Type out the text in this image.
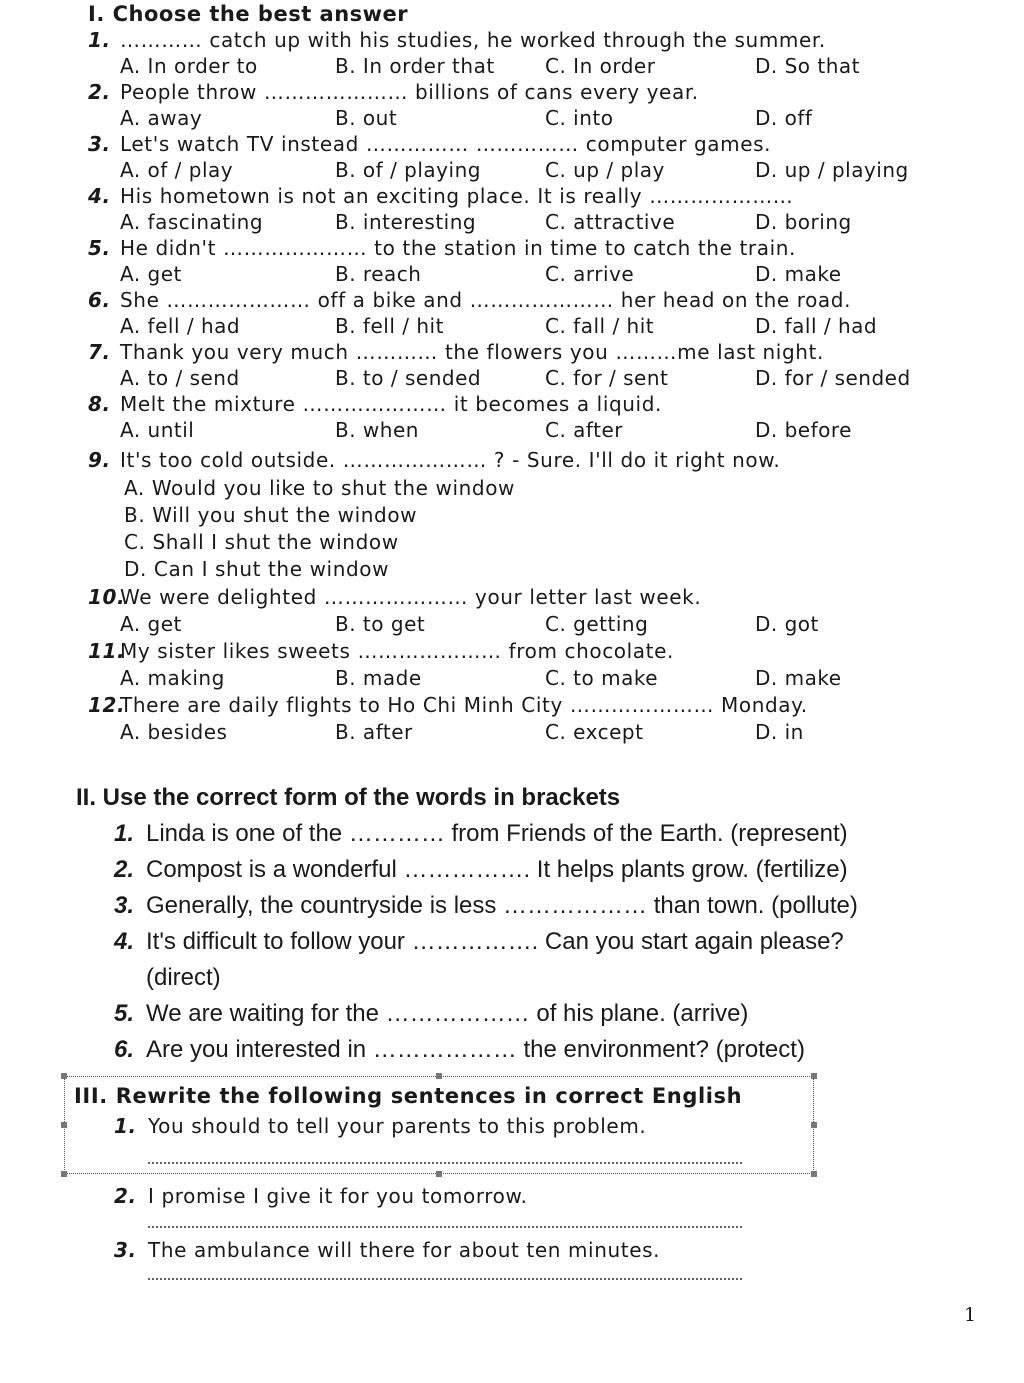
I. Choose the best answer
1. ………… catch up with his studies, he worked through the summer.
A. In order to	B. In order that	C. In order	D. So that
2. People throw ………………… billions of cans every year.
A. away	B. out	C. into	D. off
3. Let's watch TV instead …………… …………… computer games.
A. of / play	B. of / playing	C. up / play	D. up / playing
4. His hometown is not an exciting place. It is really …………………
A. fascinating	B. interesting	C. attractive	D. boring
5. He didn't ………………… to the station in time to catch the train.
A. get	B. reach	C. arrive	D. make
6. She ………………… off a bike and ………………… her head on the road.
A. fell / had	B. fell / hit	C. fall / hit	D. fall / had
7. Thank you very much ………… the flowers you ………me last night.
A. to / send	B. to / sended	C. for / sent	D. for / sended
8. Melt the mixture ………………… it becomes a liquid.
A. until	B. when	C. after	D. before
9. It's too cold outside. ………………… ? - Sure. I'll do it right now.
A. Would you like to shut the window
B. Will you shut the window
C. Shall I shut the window
D. Can I shut the window
10.We were delighted ………………… your letter last week.
A. get	B. to get	C. getting	D. got
11.My sister likes sweets ………………… from chocolate.
A. making	B. made	C. to make	D. make
12.There are daily flights to Ho Chi Minh City ………………… Monday.
A. besides	B. after	C. except	D. in
II. Use the correct form of the words in brackets
1. Linda is one of the ………… from Friends of the Earth. (represent)
2. Compost is a wonderful ……………. It helps plants grow. (fertilize)
3. Generally, the countryside is less ……………… than town. (pollute)
4. It's difficult to follow your ……………. Can you start again please?
(direct)
5. We are waiting for the ……………… of his plane. (arrive)
6. Are you interested in ……………… the environment? (protect)
III. Rewrite the following sentences in correct English
1. You should to tell your parents to this problem.
2. I promise I give it for you tomorrow.
3. The ambulance will there for about ten minutes.
1
